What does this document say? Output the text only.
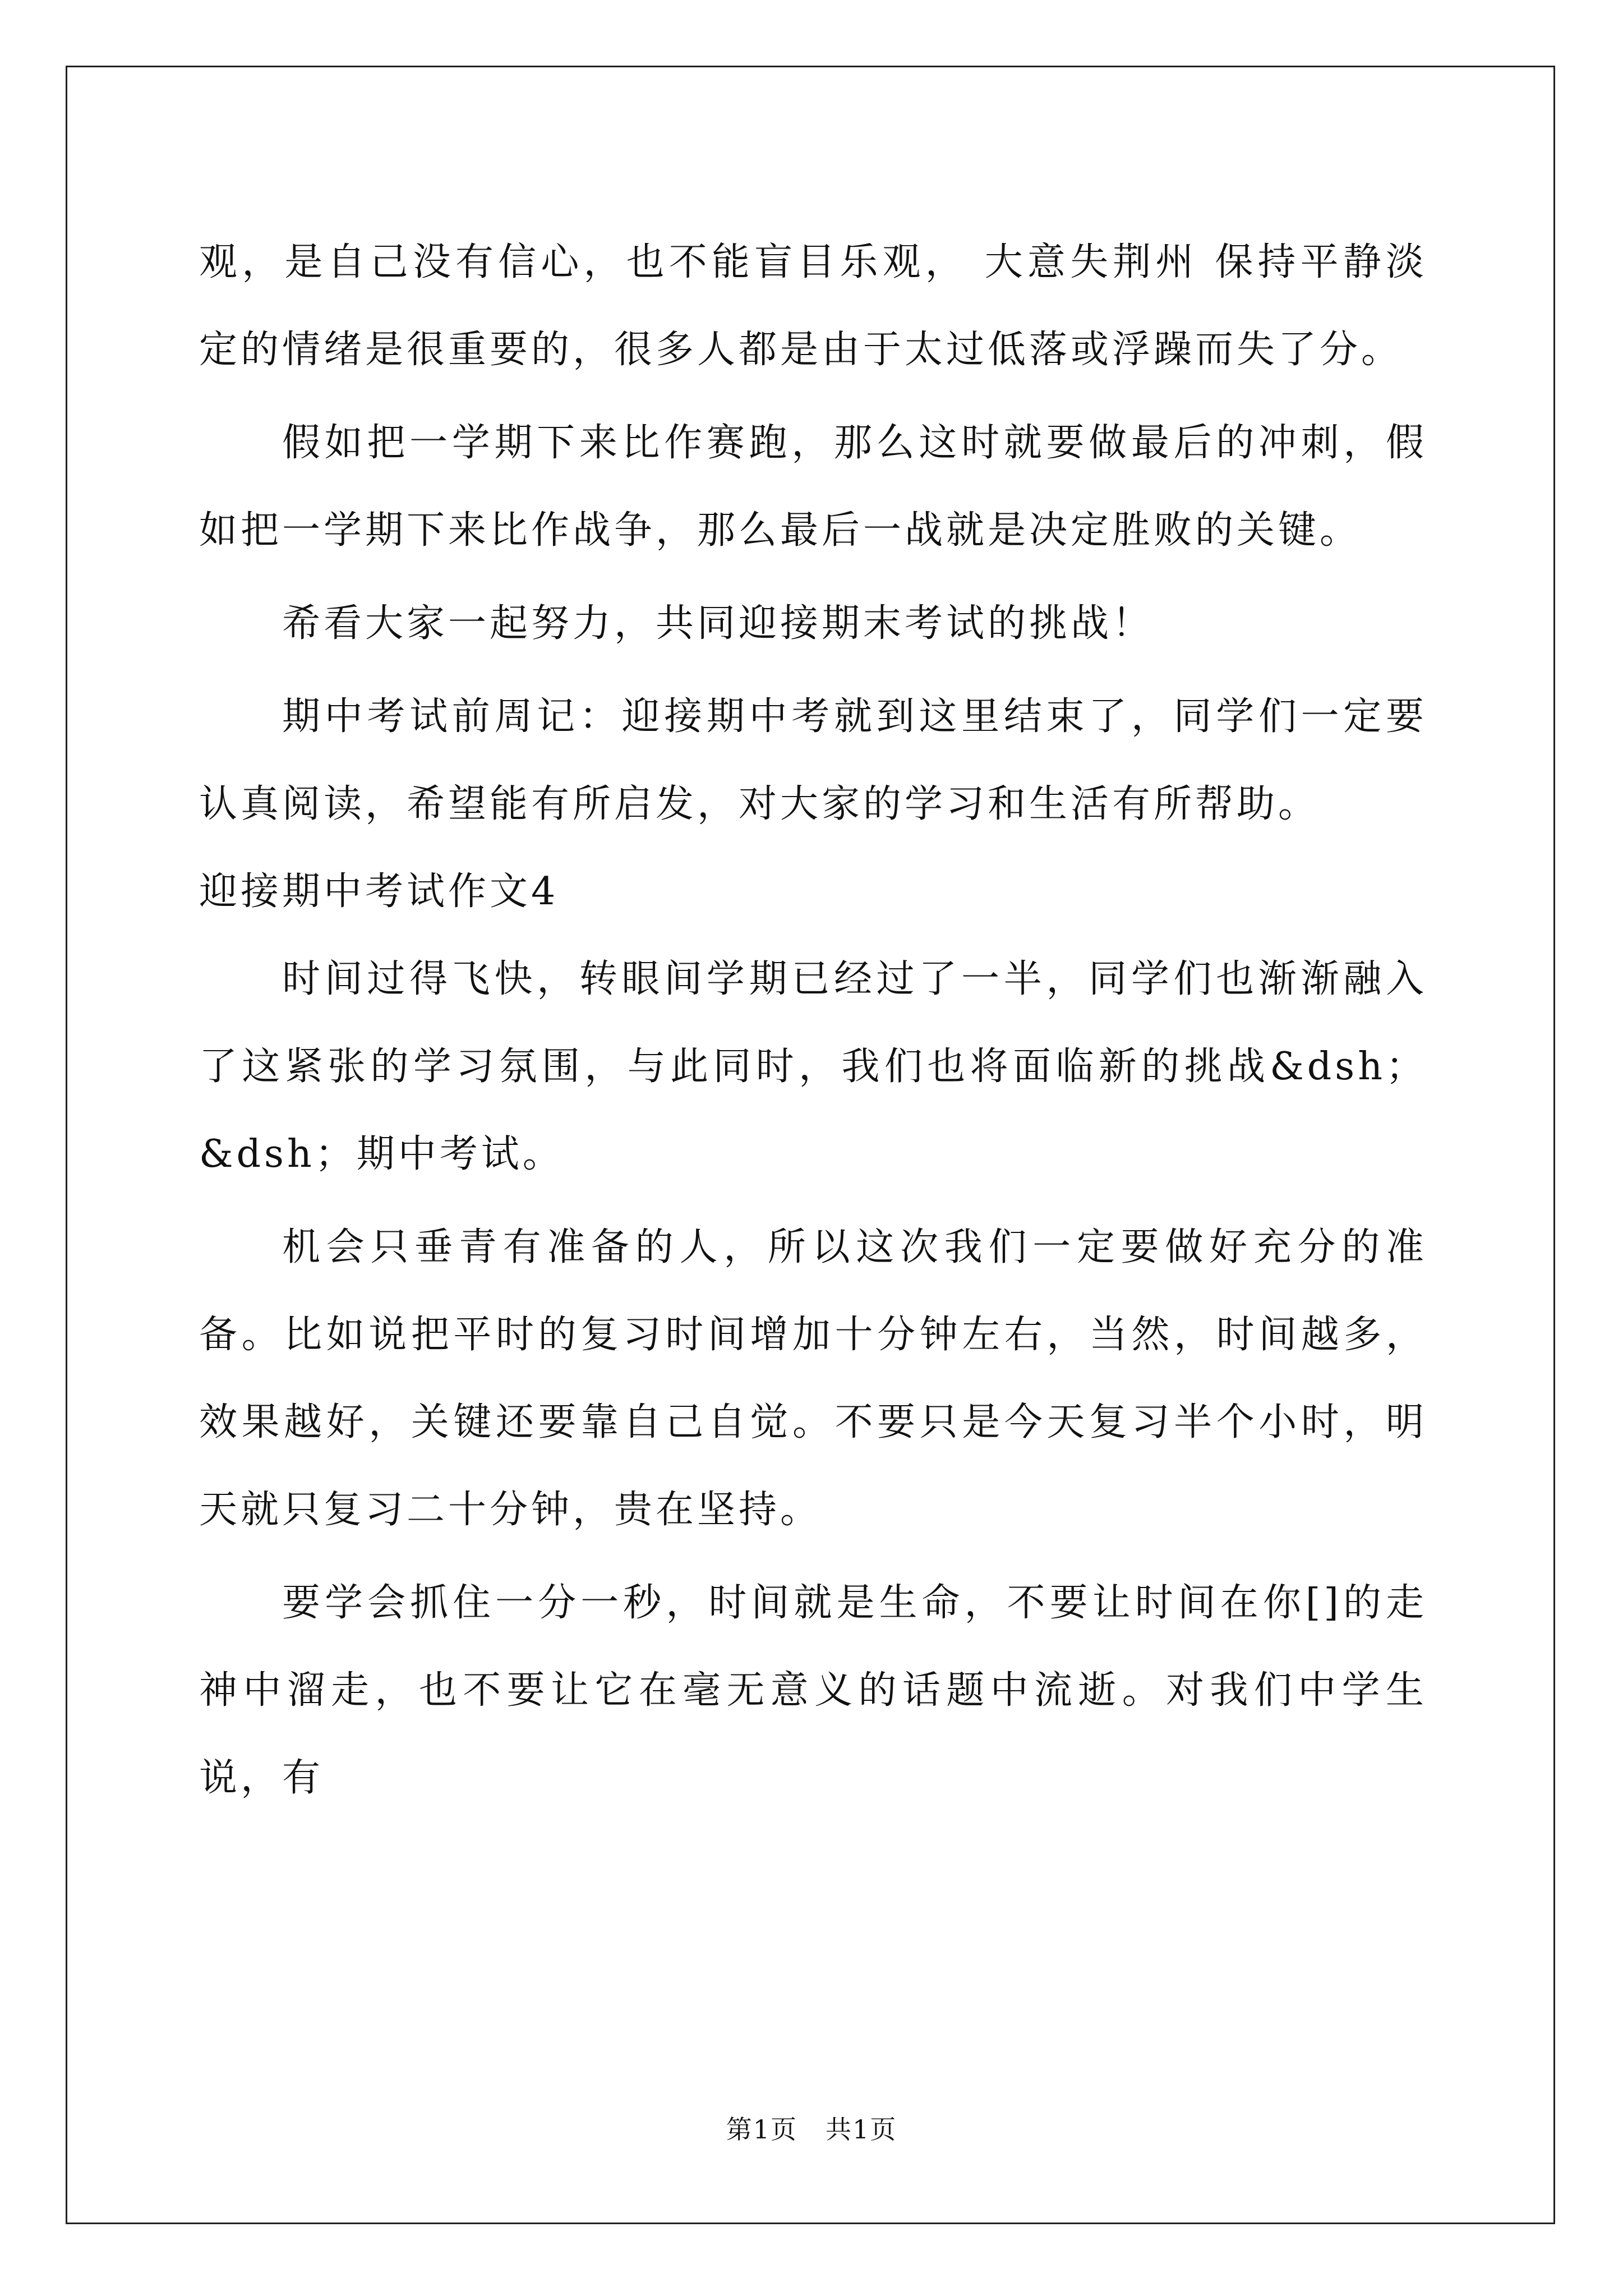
观，是自己没有信心，也不能盲目乐观， 大意失荆州 保持平静淡定的情绪是很重要的，很多人都是由于太过低落或浮躁而失了分。

假如把一学期下来比作赛跑，那么这时就要做最后的冲刺，假如把一学期下来比作战争，那么最后一战就是决定胜败的关键。

希看大家一起努力，共同迎接期末考试的挑战！

期中考试前周记：迎接期中考就到这里结束了，同学们一定要认真阅读，希望能有所启发，对大家的学习和生活有所帮助。

迎接期中考试作文4

时间过得飞快，转眼间学期已经过了一半，同学们也渐渐融入了这紧张的学习氛围，与此同时，我们也将面临新的挑战&dsh；&dsh；期中考试。

机会只垂青有准备的人，所以这次我们一定要做好充分的准备。比如说把平时的复习时间增加十分钟左右，当然，时间越多，效果越好，关键还要靠自己自觉。不要只是今天复习半个小时，明天就只复习二十分钟，贵在坚持。

要学会抓住一分一秒，时间就是生命，不要让时间在你[]的走神中溜走，也不要让它在毫无意义的话题中流逝。对我们中学生说，有

第1页 共1页
